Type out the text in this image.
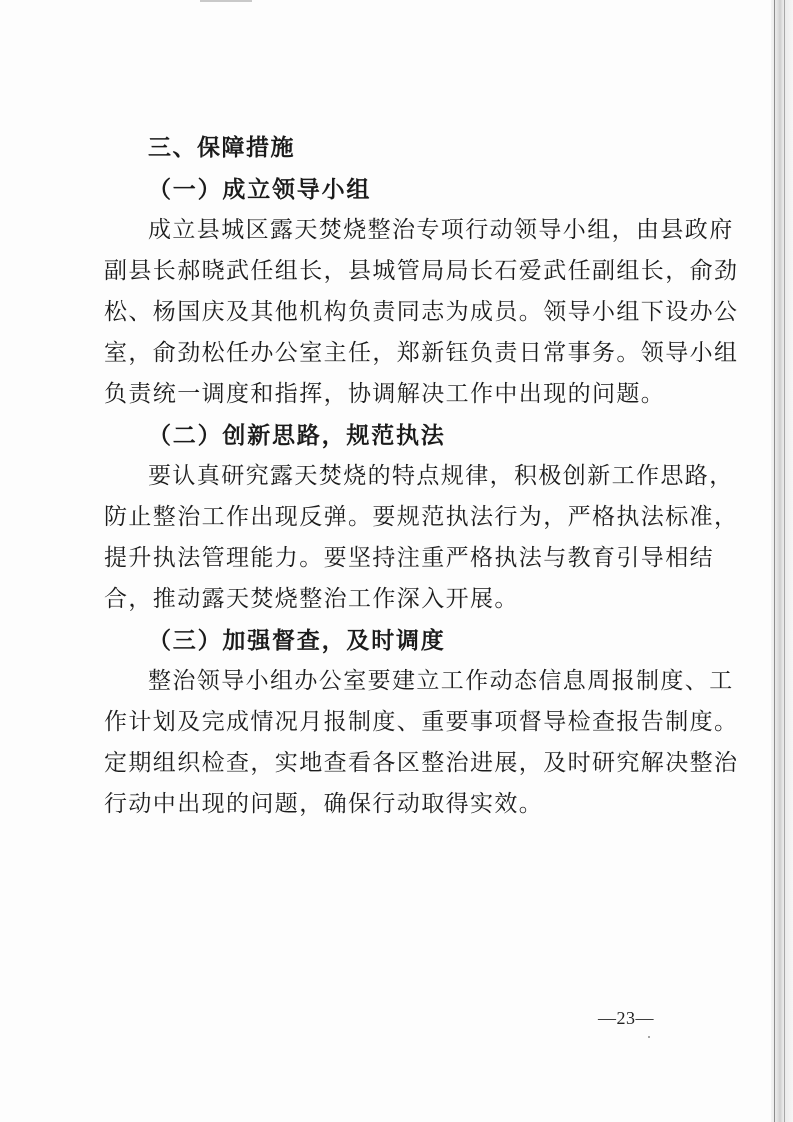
三、保障措施
（一）成立领导小组
成立县城区露天焚烧整治专项行动领导小组，由县政府
副县长郝晓武任组长，县城管局局长石爱武任副组长，俞劲
松、杨国庆及其他机构负责同志为成员。领导小组下设办公
室，俞劲松任办公室主任，郑新钰负责日常事务。领导小组
负责统一调度和指挥，协调解决工作中出现的问题。
（二）创新思路，规范执法
要认真研究露天焚烧的特点规律，积极创新工作思路，
防止整治工作出现反弹。要规范执法行为，严格执法标准，
提升执法管理能力。要坚持注重严格执法与教育引导相结
合，推动露天焚烧整治工作深入开展。
（三）加强督查，及时调度
整治领导小组办公室要建立工作动态信息周报制度、工
作计划及完成情况月报制度、重要事项督导检查报告制度。
定期组织检查，实地查看各区整治进展，及时研究解决整治
行动中出现的问题，确保行动取得实效。
—23—
